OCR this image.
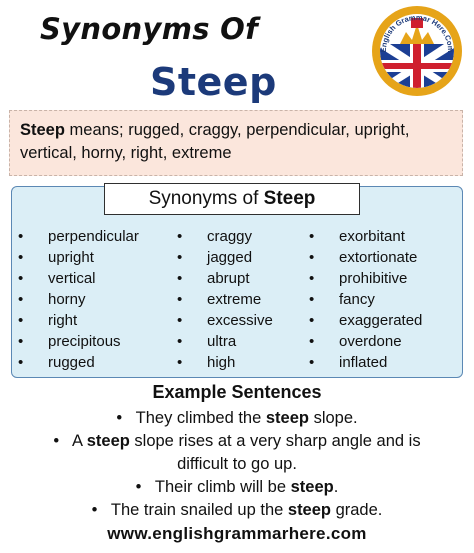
Synonyms Of
Steep
English Grammar Here.Com
Steep means; rugged, craggy, perpendicular, upright, vertical, horny, right, extreme
Synonyms of Steep
• perpendicular
• upright
• vertical
• horny
• right
• precipitous
• rugged
• craggy
• jagged
• abrupt
• extreme
• excessive
• ultra
• high
• exorbitant
• extortionate
• prohibitive
• fancy
• exaggerated
• overdone
• inflated
Example Sentences
• They climbed the steep slope.
• A steep slope rises at a very sharp angle and is difficult to go up.
• Their climb will be steep.
• The train snailed up the steep grade.
www.englishgrammarhere.com
